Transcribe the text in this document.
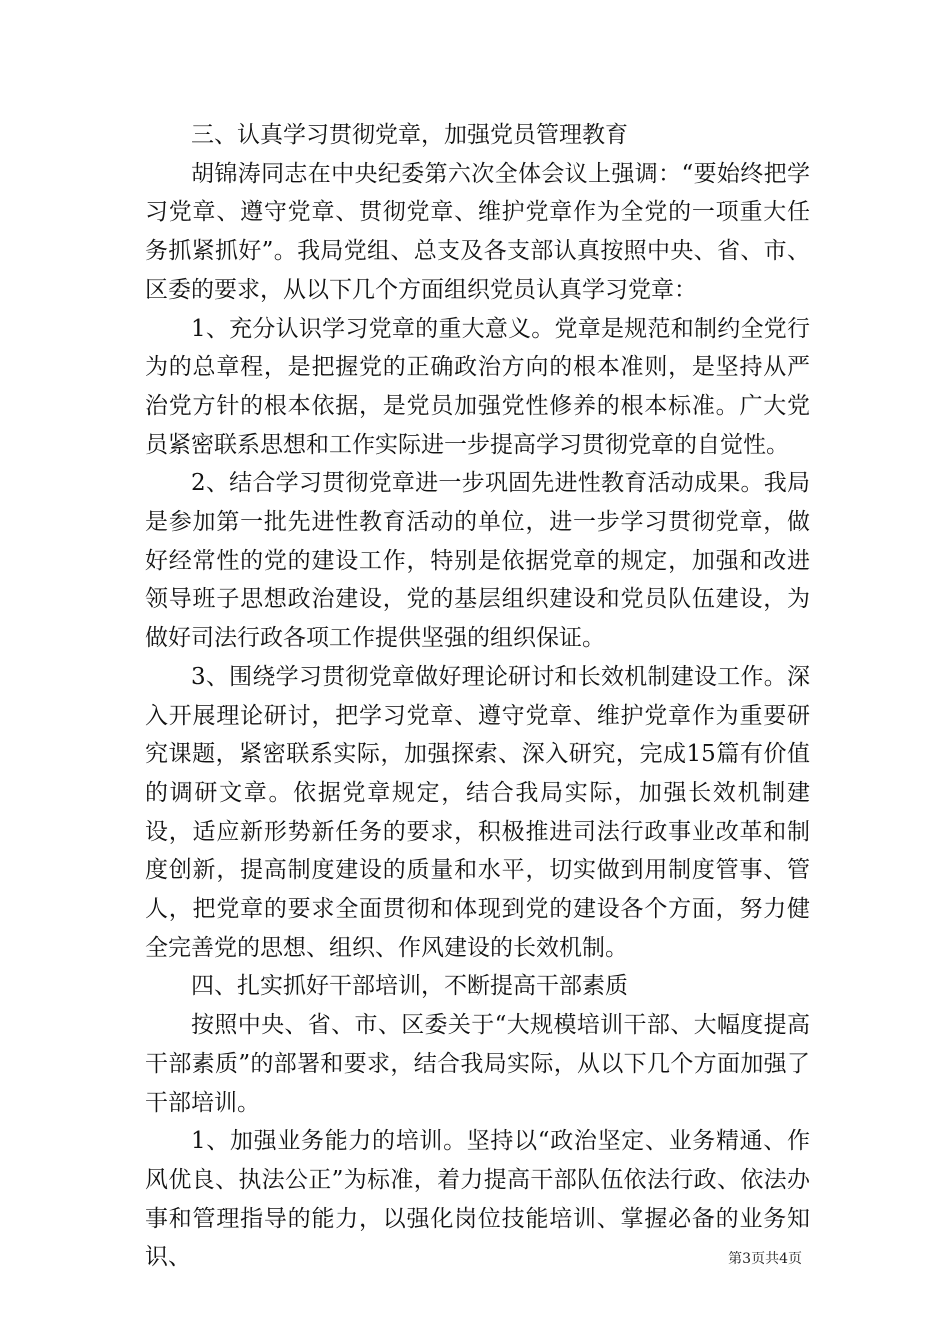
三、认真学习贯彻党章，加强党员管理教育

胡锦涛同志在中央纪委第六次全体会议上强调：“要始终把学习党章、遵守党章、贯彻党章、维护党章作为全党的一项重大任务抓紧抓好”。我局党组、总支及各支部认真按照中央、省、市、区委的要求，从以下几个方面组织党员认真学习党章：

1、充分认识学习党章的重大意义。党章是规范和制约全党行为的总章程，是把握党的正确政治方向的根本准则，是坚持从严治党方针的根本依据，是党员加强党性修养的根本标准。广大党员紧密联系思想和工作实际进一步提高学习贯彻党章的自觉性。

2、结合学习贯彻党章进一步巩固先进性教育活动成果。我局是参加第一批先进性教育活动的单位，进一步学习贯彻党章，做好经常性的党的建设工作，特别是依据党章的规定，加强和改进领导班子思想政治建设，党的基层组织建设和党员队伍建设，为做好司法行政各项工作提供坚强的组织保证。

3、围绕学习贯彻党章做好理论研讨和长效机制建设工作。深入开展理论研讨，把学习党章、遵守党章、维护党章作为重要研究课题，紧密联系实际，加强探索、深入研究，完成15篇有价值的调研文章。依据党章规定，结合我局实际，加强长效机制建设，适应新形势新任务的要求，积极推进司法行政事业改革和制度创新，提高制度建设的质量和水平，切实做到用制度管事、管人，把党章的要求全面贯彻和体现到党的建设各个方面，努力健全完善党的思想、组织、作风建设的长效机制。

四、扎实抓好干部培训，不断提高干部素质

按照中央、省、市、区委关于“大规模培训干部、大幅度提高干部素质”的部署和要求，结合我局实际，从以下几个方面加强了干部培训。

1、加强业务能力的培训。坚持以“政治坚定、业务精通、作风优良、执法公正”为标准，着力提高干部队伍依法行政、依法办事和管理指导的能力，以强化岗位技能培训、掌握必备的业务知识、	第3页共4页
